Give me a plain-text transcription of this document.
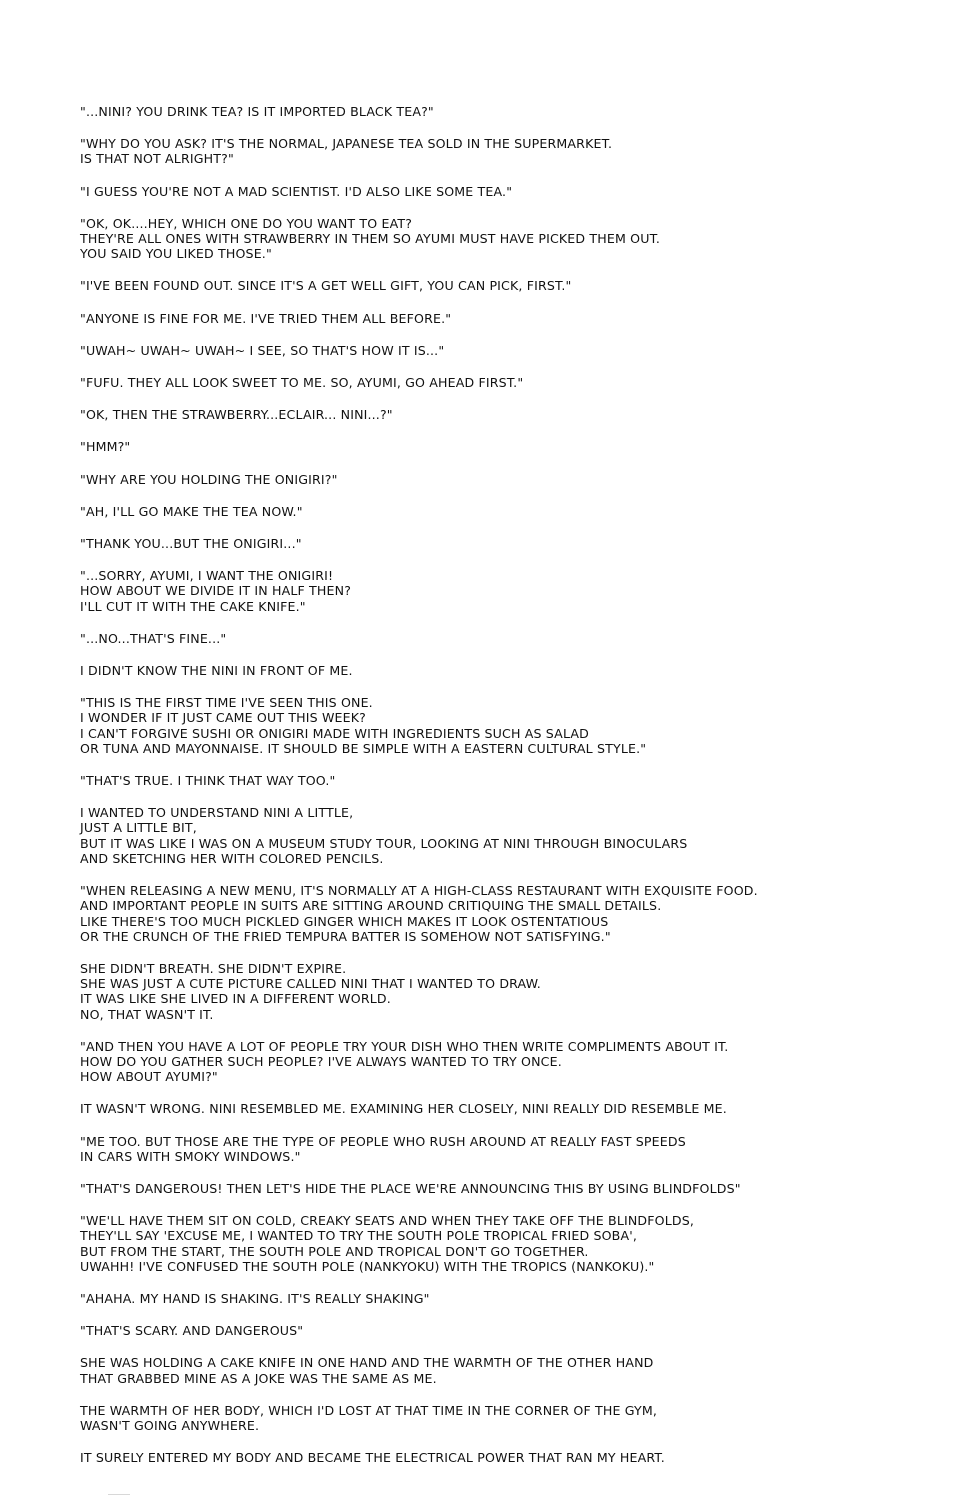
"...NINI? YOU DRINK TEA? IS IT IMPORTED BLACK TEA?"

"WHY DO YOU ASK? IT'S THE NORMAL, JAPANESE TEA SOLD IN THE SUPERMARKET.
IS THAT NOT ALRIGHT?"

"I GUESS YOU'RE NOT A MAD SCIENTIST. I'D ALSO LIKE SOME TEA."

"OK, OK....HEY, WHICH ONE DO YOU WANT TO EAT?
THEY'RE ALL ONES WITH STRAWBERRY IN THEM SO AYUMI MUST HAVE PICKED THEM OUT.
YOU SAID YOU LIKED THOSE."

"I'VE BEEN FOUND OUT. SINCE IT'S A GET WELL GIFT, YOU CAN PICK, FIRST."

"ANYONE IS FINE FOR ME. I'VE TRIED THEM ALL BEFORE."

"UWAH~ UWAH~ UWAH~ I SEE, SO THAT'S HOW IT IS..."

"FUFU. THEY ALL LOOK SWEET TO ME. SO, AYUMI, GO AHEAD FIRST."

"OK, THEN THE STRAWBERRY...ECLAIR... NINI...?"

"HMM?"

"WHY ARE YOU HOLDING THE ONIGIRI?"

"AH, I'LL GO MAKE THE TEA NOW."

"THANK YOU...BUT THE ONIGIRI..."

"...SORRY, AYUMI, I WANT THE ONIGIRI!
HOW ABOUT WE DIVIDE IT IN HALF THEN?
I'LL CUT IT WITH THE CAKE KNIFE."

"...NO...THAT'S FINE..."

I DIDN'T KNOW THE NINI IN FRONT OF ME.

"THIS IS THE FIRST TIME I'VE SEEN THIS ONE.
I WONDER IF IT JUST CAME OUT THIS WEEK?
I CAN'T FORGIVE SUSHI OR ONIGIRI MADE WITH INGREDIENTS SUCH AS SALAD
OR TUNA AND MAYONNAISE. IT SHOULD BE SIMPLE WITH A EASTERN CULTURAL STYLE."

"THAT'S TRUE. I THINK THAT WAY TOO."

I WANTED TO UNDERSTAND NINI A LITTLE,
JUST A LITTLE BIT,
BUT IT WAS LIKE I WAS ON A MUSEUM STUDY TOUR, LOOKING AT NINI THROUGH BINOCULARS
AND SKETCHING HER WITH COLORED PENCILS.

"WHEN RELEASING A NEW MENU, IT'S NORMALLY AT A HIGH-CLASS RESTAURANT WITH EXQUISITE FOOD.
AND IMPORTANT PEOPLE IN SUITS ARE SITTING AROUND CRITIQUING THE SMALL DETAILS.
LIKE THERE'S TOO MUCH PICKLED GINGER WHICH MAKES IT LOOK OSTENTATIOUS
OR THE CRUNCH OF THE FRIED TEMPURA BATTER IS SOMEHOW NOT SATISFYING."

SHE DIDN'T BREATH. SHE DIDN'T EXPIRE.
SHE WAS JUST A CUTE PICTURE CALLED NINI THAT I WANTED TO DRAW.
IT WAS LIKE SHE LIVED IN A DIFFERENT WORLD.
NO, THAT WASN'T IT.

"AND THEN YOU HAVE A LOT OF PEOPLE TRY YOUR DISH WHO THEN WRITE COMPLIMENTS ABOUT IT.
HOW DO YOU GATHER SUCH PEOPLE? I'VE ALWAYS WANTED TO TRY ONCE.
HOW ABOUT AYUMI?"

IT WASN'T WRONG. NINI RESEMBLED ME. EXAMINING HER CLOSELY, NINI REALLY DID RESEMBLE ME.

"ME TOO. BUT THOSE ARE THE TYPE OF PEOPLE WHO RUSH AROUND AT REALLY FAST SPEEDS
IN CARS WITH SMOKY WINDOWS."

"THAT'S DANGEROUS! THEN LET'S HIDE THE PLACE WE'RE ANNOUNCING THIS BY USING BLINDFOLDS"

"WE'LL HAVE THEM SIT ON COLD, CREAKY SEATS AND WHEN THEY TAKE OFF THE BLINDFOLDS,
THEY'LL SAY 'EXCUSE ME, I WANTED TO TRY THE SOUTH POLE TROPICAL FRIED SOBA',
BUT FROM THE START, THE SOUTH POLE AND TROPICAL DON'T GO TOGETHER.
UWAHH! I'VE CONFUSED THE SOUTH POLE (NANKYOKU) WITH THE TROPICS (NANKOKU)."

"AHAHA. MY HAND IS SHAKING. IT'S REALLY SHAKING"

"THAT'S SCARY. AND DANGEROUS"

SHE WAS HOLDING A CAKE KNIFE IN ONE HAND AND THE WARMTH OF THE OTHER HAND
THAT GRABBED MINE AS A JOKE WAS THE SAME AS ME.

THE WARMTH OF HER BODY, WHICH I'D LOST AT THAT TIME IN THE CORNER OF THE GYM,
WASN'T GOING ANYWHERE.

IT SURELY ENTERED MY BODY AND BECAME THE ELECTRICAL POWER THAT RAN MY HEART.
